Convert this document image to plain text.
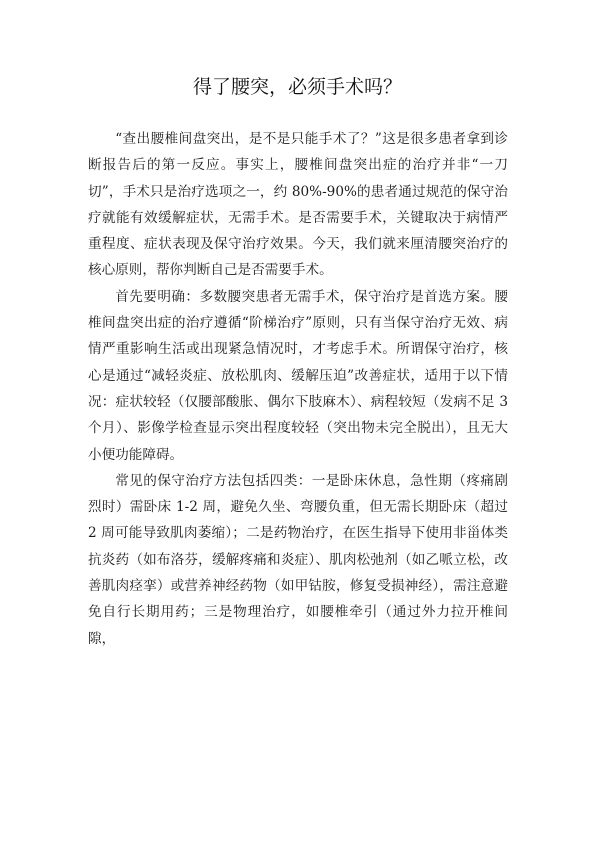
得了腰突，必须手术吗？

“查出腰椎间盘突出，是不是只能手术了？”这是很多患者拿到诊断报告后的第一反应。事实上，腰椎间盘突出症的治疗并非“一刀切”，手术只是治疗选项之一，约 80%-90%的患者通过规范的保守治疗就能有效缓解症状，无需手术。是否需要手术，关键取决于病情严重程度、症状表现及保守治疗效果。今天，我们就来厘清腰突治疗的核心原则，帮你判断自己是否需要手术。

首先要明确：多数腰突患者无需手术，保守治疗是首选方案。腰椎间盘突出症的治疗遵循“阶梯治疗”原则，只有当保守治疗无效、病情严重影响生活或出现紧急情况时，才考虑手术。所谓保守治疗，核心是通过“减轻炎症、放松肌肉、缓解压迫”改善症状，适用于以下情况：症状较轻（仅腰部酸胀、偶尔下肢麻木）、病程较短（发病不足 3 个月）、影像学检查显示突出程度较轻（突出物未完全脱出），且无大小便功能障碍。

常见的保守治疗方法包括四类：一是卧床休息，急性期（疼痛剧烈时）需卧床 1-2 周，避免久坐、弯腰负重，但无需长期卧床（超过 2 周可能导致肌肉萎缩）；二是药物治疗，在医生指导下使用非甾体类抗炎药（如布洛芬，缓解疼痛和炎症）、肌肉松弛剂（如乙哌立松，改善肌肉痉挛）或营养神经药物（如甲钴胺，修复受损神经），需注意避免自行长期用药；三是物理治疗，如腰椎牵引（通过外力拉开椎间隙，
